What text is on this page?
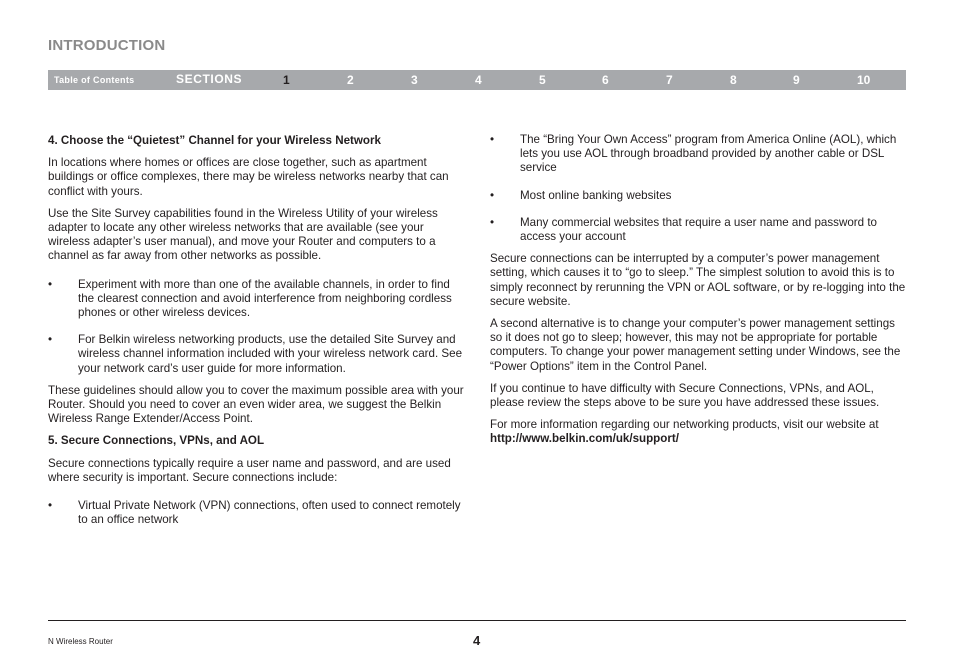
INTRODUCTION
Table of Contents	SECTIONS	1	2	3	4	5	6	7	8	9	10
4. Choose the “Quietest” Channel for your Wireless Network

In locations where homes or offices are close together, such as apartment buildings or office complexes, there may be wireless networks nearby that can conflict with yours.

Use the Site Survey capabilities found in the Wireless Utility of your wireless adapter to locate any other wireless networks that are available (see your wireless adapter’s user manual), and move your Router and computers to a channel as far away from other networks as possible.

• Experiment with more than one of the available channels, in order to find the clearest connection and avoid interference from neighboring cordless phones or other wireless devices.
• For Belkin wireless networking products, use the detailed Site Survey and wireless channel information included with your wireless network card. See your network card’s user guide for more information.

These guidelines should allow you to cover the maximum possible area with your Router. Should you need to cover an even wider area, we suggest the Belkin Wireless Range Extender/Access Point.

5. Secure Connections, VPNs, and AOL

Secure connections typically require a user name and password, and are used where security is important. Secure connections include:

• Virtual Private Network (VPN) connections, often used to connect remotely to an office network
• The “Bring Your Own Access” program from America Online (AOL), which lets you use AOL through broadband provided by another cable or DSL service
• Most online banking websites
• Many commercial websites that require a user name and password to access your account

Secure connections can be interrupted by a computer’s power management setting, which causes it to “go to sleep.” The simplest solution to avoid this is to simply reconnect by rerunning the VPN or AOL software, or by re-logging into the secure website.

A second alternative is to change your computer’s power management settings so it does not go to sleep; however, this may not be appropriate for portable computers. To change your power management setting under Windows, see the “Power Options” item in the Control Panel.

If you continue to have difficulty with Secure Connections, VPNs, and AOL, please review the steps above to be sure you have addressed these issues.

For more information regarding our networking products, visit our website at http://www.belkin.com/uk/support/

N Wireless Router	4
